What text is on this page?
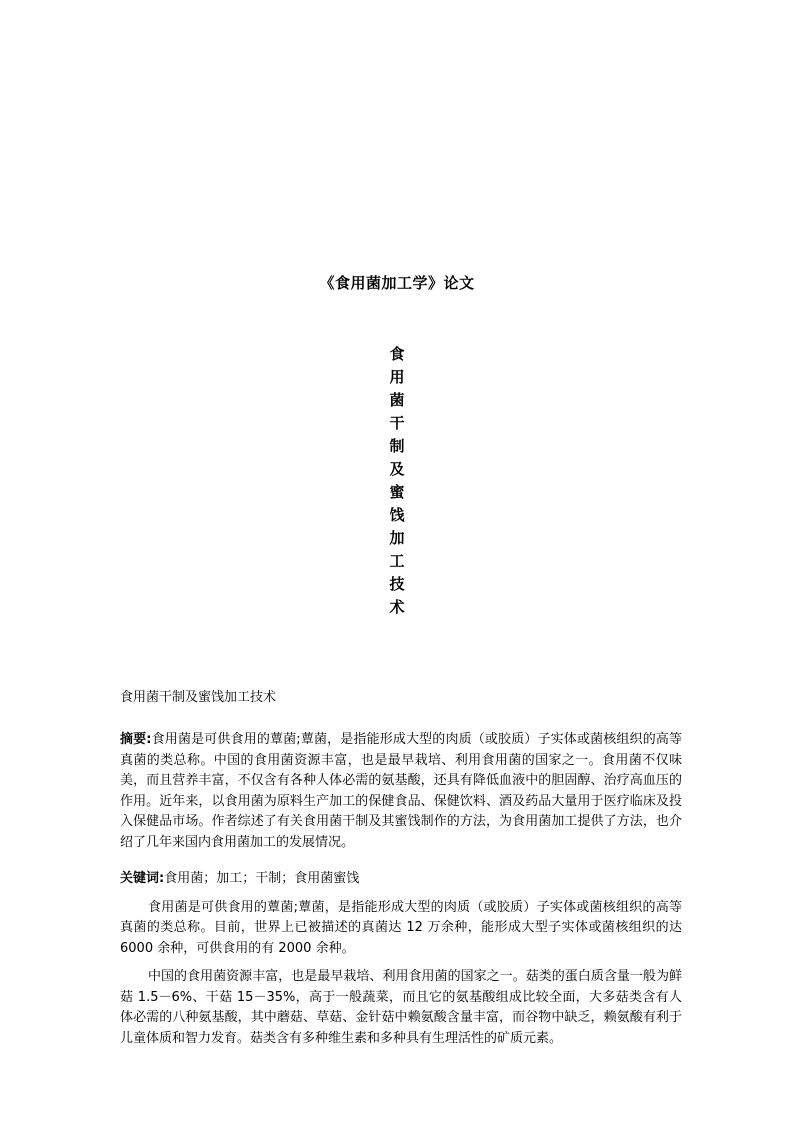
《食用菌加工学》论文
食
用
菌
干
制
及
蜜
饯
加
工
技
术

食用菌干制及蜜饯加工技术

摘要:食用菌是可供食用的蕈菌;蕈菌，是指能形成大型的肉质（或胶质）子实体或菌核组织的高等真菌的类总称。中国的食用菌资源丰富，也是最早栽培、利用食用菌的国家之一。食用菌不仅味美，而且营养丰富，不仅含有各种人体必需的氨基酸，还具有降低血液中的胆固醇、治疗高血压的作用。近年来，以食用菌为原料生产加工的保健食品、保健饮料、酒及药品大量用于医疗临床及投入保健品市场。作者综述了有关食用菌干制及其蜜饯制作的方法，为食用菌加工提供了方法，也介绍了几年来国内食用菌加工的发展情况。

关键词:食用菌；加工；干制；食用菌蜜饯

食用菌是可供食用的蕈菌;蕈菌，是指能形成大型的肉质（或胶质）子实体或菌核组织的高等真菌的类总称。目前，世界上已被描述的真菌达 12 万余种，能形成大型子实体或菌核组织的达 6000 余种，可供食用的有 2000 余种。

中国的食用菌资源丰富，也是最早栽培、利用食用菌的国家之一。菇类的蛋白质含量一般为鲜菇 1.5－6%、干菇 15－35%，高于一般蔬菜，而且它的氨基酸组成比较全面，大多菇类含有人体必需的八种氨基酸，其中蘑菇、草菇、金针菇中赖氨酸含量丰富，而谷物中缺乏，赖氨酸有利于儿童体质和智力发育。菇类含有多种维生素和多种具有生理活性的矿质元素。
